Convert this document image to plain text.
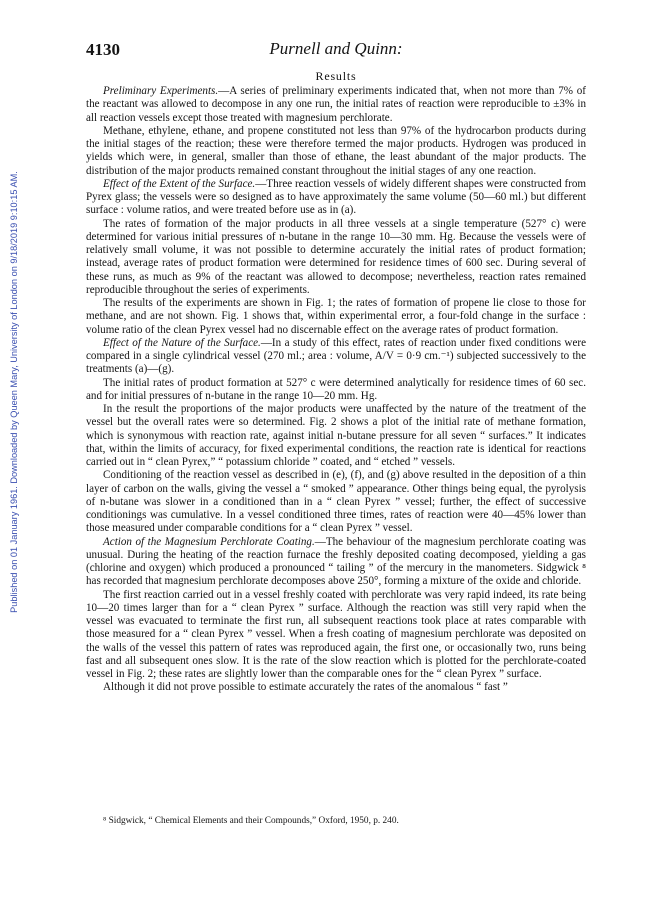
Published on 01 January 1961. Downloaded by Queen Mary, University of London on 9/18/2019 9:10:15 AM.
4130	Purnell and Quinn:
Results

Preliminary Experiments.—A series of preliminary experiments indicated that, when not more than 7% of the reactant was allowed to decompose in any one run, the initial rates of reaction were reproducible to ±3% in all reaction vessels except those treated with magnesium perchlorate.

Methane, ethylene, ethane, and propene constituted not less than 97% of the hydrocarbon products during the initial stages of the reaction; these were therefore termed the major products. Hydrogen was produced in yields which were, in general, smaller than those of ethane, the least abundant of the major products. The distribution of the major products remained constant throughout the initial stages of any one reaction.

Effect of the Extent of the Surface.—Three reaction vessels of widely different shapes were constructed from Pyrex glass; the vessels were so designed as to have approximately the same volume (50—60 ml.) but different surface : volume ratios, and were treated before use as in (a).

The rates of formation of the major products in all three vessels at a single temperature (527° c) were determined for various initial pressures of n-butane in the range 10—30 mm. Hg. Because the vessels were of relatively small volume, it was not possible to determine accurately the initial rates of product formation; instead, average rates of product formation were determined for residence times of 600 sec. During several of these runs, as much as 9% of the reactant was allowed to decompose; nevertheless, reaction rates remained reproducible throughout the series of experiments.

The results of the experiments are shown in Fig. 1; the rates of formation of propene lie close to those for methane, and are not shown. Fig. 1 shows that, within experimental error, a four-fold change in the surface : volume ratio of the clean Pyrex vessel had no discernable effect on the average rates of product formation.

Effect of the Nature of the Surface.—In a study of this effect, rates of reaction under fixed conditions were compared in a single cylindrical vessel (270 ml.; area : volume, A/V = 0·9 cm.⁻¹) subjected successively to the treatments (a)—(g).

The initial rates of product formation at 527° c were determined analytically for residence times of 60 sec. and for initial pressures of n-butane in the range 10—20 mm. Hg.

In the result the proportions of the major products were unaffected by the nature of the treatment of the vessel but the overall rates were so determined. Fig. 2 shows a plot of the initial rate of methane formation, which is synonymous with reaction rate, against initial n-butane pressure for all seven “ surfaces.” It indicates that, within the limits of accuracy, for fixed experimental conditions, the reaction rate is identical for reactions carried out in “ clean Pyrex,” “ potassium chloride ” coated, and “ etched ” vessels.

Conditioning of the reaction vessel as described in (e), (f), and (g) above resulted in the deposition of a thin layer of carbon on the walls, giving the vessel a “ smoked ” appearance. Other things being equal, the pyrolysis of n-butane was slower in a conditioned than in a “ clean Pyrex ” vessel; further, the effect of successive conditionings was cumulative. In a vessel conditioned three times, rates of reaction were 40—45% lower than those measured under comparable conditions for a “ clean Pyrex ” vessel.

Action of the Magnesium Perchlorate Coating.—The behaviour of the magnesium perchlorate coating was unusual. During the heating of the reaction furnace the freshly deposited coating decomposed, yielding a gas (chlorine and oxygen) which produced a pronounced “ tailing ” of the mercury in the manometers. Sidgwick ⁸ has recorded that magnesium perchlorate decomposes above 250°, forming a mixture of the oxide and chloride.

The first reaction carried out in a vessel freshly coated with perchlorate was very rapid indeed, its rate being 10—20 times larger than for a “ clean Pyrex ” surface. Although the reaction was still very rapid when the vessel was evacuated to terminate the first run, all subsequent reactions took place at rates comparable with those measured for a “ clean Pyrex ” vessel. When a fresh coating of magnesium perchlorate was deposited on the walls of the vessel this pattern of rates was reproduced again, the first one, or occasionally two, runs being fast and all subsequent ones slow. It is the rate of the slow reaction which is plotted for the perchlorate-coated vessel in Fig. 2; these rates are slightly lower than the comparable ones for the “ clean Pyrex ” surface.

Although it did not prove possible to estimate accurately the rates of the anomalous “ fast ”

⁸ Sidgwick, “ Chemical Elements and their Compounds,” Oxford, 1950, p. 240.
